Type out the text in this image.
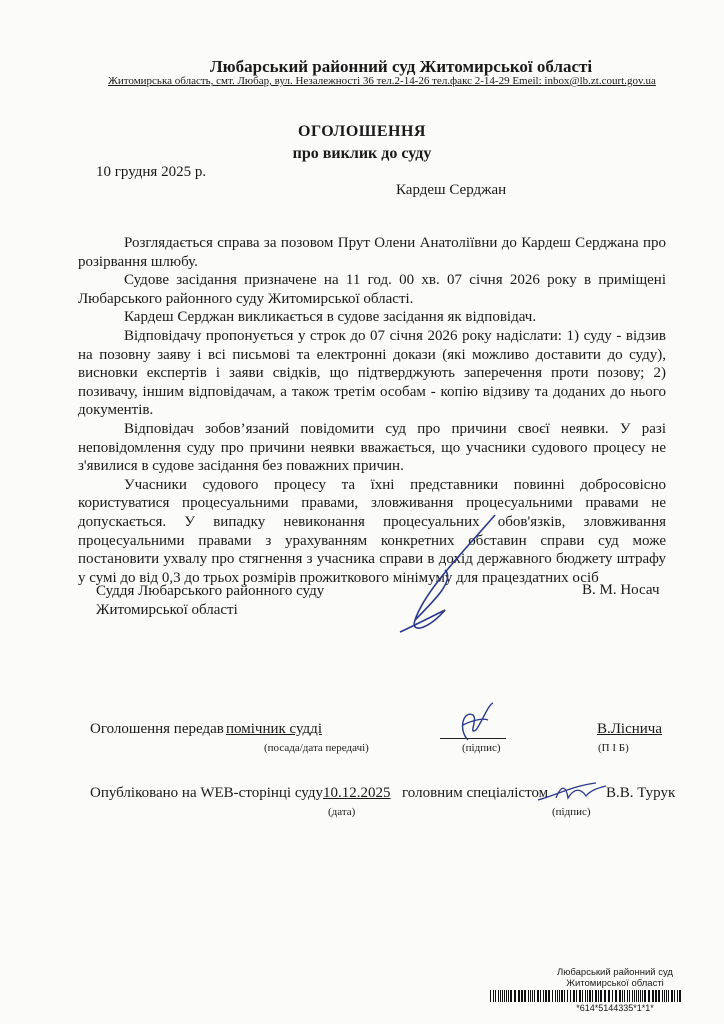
Любарський районний суд Житомирської області
Житомирська область, смт. Любар, вул. Незалежності 36 тел.2-14-26 тел.факс 2-14-29 Emeil: inbox@lb.zt.court.gov.ua
ОГОЛОШЕННЯ
про виклик до суду
10 грудня 2025 р.
Кардеш Серджан

Розглядається справа за позовом Прут Олени Анатоліївни до Кардеш Серджана про розірвання шлюбу.

Судове засідання призначене на 11 год. 00 хв. 07 січня 2026 року в приміщені Любарського районного суду Житомирської області.

Кардеш Серджан викликається в судове засідання як відповідач.

Відповідачу пропонується у строк до 07 січня 2026 року надіслати: 1) суду - відзив на позовну заяву і всі письмові та електронні докази (які можливо доставити до суду), висновки експертів і заяви свідків, що підтверджують заперечення проти позову; 2) позивачу, іншим відповідачам, а також третім особам - копію відзиву та доданих до нього документів.

Відповідач зобов’язаний повідомити суд про причини своєї неявки. У разі неповідомлення суду про причини неявки вважається, що учасники судового процесу не з'явилися в судове засідання без поважних причин.

Учасники судового процесу та їхні представники повинні добросовісно користуватися процесуальними правами, зловживання процесуальними правами не допускається. У випадку невиконання процесуальних обов'язків, зловживання процесуальними правами з урахуванням конкретних обставин справи суд може постановити ухвалу про стягнення з учасника справи в дохід державного бюджету штрафу у сумі до від 0,3 до трьох розмірів прожиткового мінімуму для працездатних осіб

Суддя Любарського районного суду
Житомирської області
В. М. Носач
Оголошення передав помічник судді
(посада/дата передачі)	(підпис)
В.Лісничa
(П І Б)
Опубліковано на WEB-сторінці суду 10.12.2025
(дата)
головним спеціалістом
(підпис)
В.В. Турук
Любарський районний суд
Житомирської області
*614*5144335*1*1*
